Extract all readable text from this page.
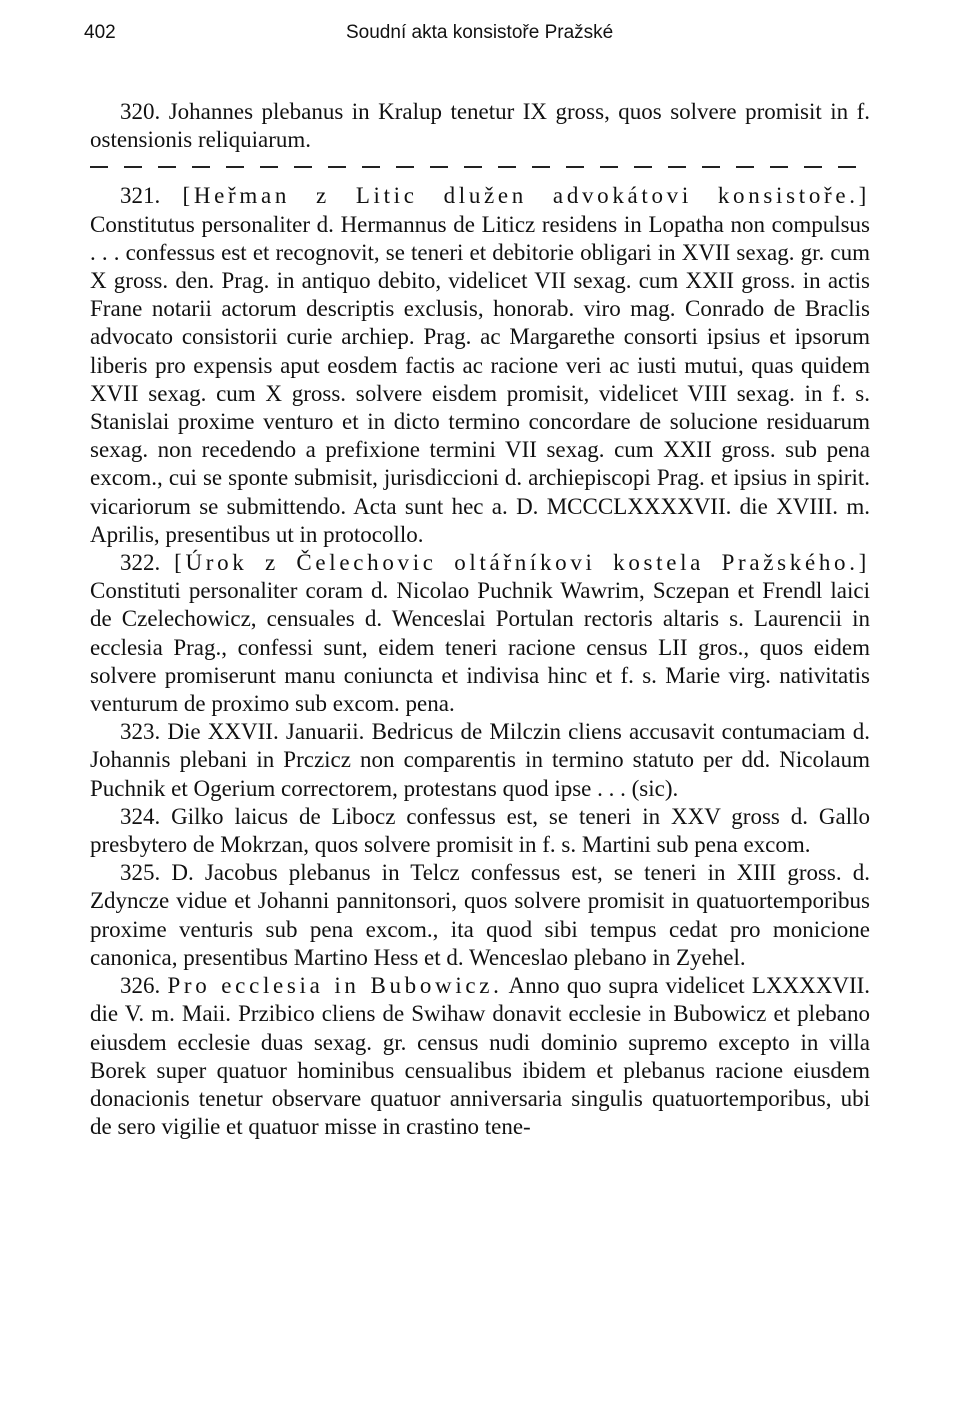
402	Soudní akta konsistoře Pražské

320. Johannes plebanus in Kralup tenetur IX gross, quos solvere promisit in f. ostensionis reliquiarum.

321. [Heřman z Litic dlužen advokátovi konsistoře.] Constitutus personaliter d. Hermannus de Liticz residens in Lopatha non compulsus . . . confessus est et recognovit, se teneri et debitorie obligari in XVII sexag. gr. cum X gross. den. Prag. in antiquo debito, videlicet VII sexag. cum XXII gross. in actis Frane notarii actorum descriptis exclusis, honorab. viro mag. Conrado de Braclis advocato consistorii curie archiep. Prag. ac Margarethe consorti ipsius et ipsorum liberis pro expensis aput eosdem factis ac racione veri ac iusti mutui, quas quidem XVII sexag. cum X gross. solvere eisdem promisit, videlicet VIII sexag. in f. s. Stanislai proxime venturo et in dicto termino concordare de solucione residuarum sexag. non recedendo a prefixione termini VII sexag. cum XXII gross. sub pena excom., cui se sponte submisit, jurisdiccioni d. archiepiscopi Prag. et ipsius in spirit. vicariorum se submittendo. Acta sunt hec a. D. MCCCLXXXXVII. die XVIII. m. Aprilis, presentibus ut in protocollo.

322. [Úrok z Čelechovic oltářníkovi kostela Pražského.] Constituti personaliter coram d. Nicolao Puchnik Wawrim, Sczepan et Frendl laici de Czelechowicz, censuales d. Wenceslai Portulan rectoris altaris s. Laurencii in ecclesia Prag., confessi sunt, eidem teneri racione census LII gros., quos eidem solvere promiserunt manu coniuncta et indivisa hinc et f. s. Marie virg. nativitatis venturum de proximo sub excom. pena.

323. Die XXVII. Januarii. Bedricus de Milczin cliens accusavit contumaciam d. Johannis plebani in Prczicz non comparentis in termino statuto per dd. Nicolaum Puchnik et Ogerium correctorem, protestans quod ipse . . . (sic).

324. Gilko laicus de Libocz confessus est, se teneri in XXV gross d. Gallo presbytero de Mokrzan, quos solvere promisit in f. s. Martini sub pena excom.

325. D. Jacobus plebanus in Telcz confessus est, se teneri in XIII gross. d. Zdyncze vidue et Johanni pannitonsori, quos solvere promisit in quatuortemporibus proxime venturis sub pena excom., ita quod sibi tempus cedat pro monicione canonica, presentibus Martino Hess et d. Wenceslao plebano in Zyehel.

326. Pro ecclesia in Bubowicz. Anno quo supra videlicet LXXXXVII. die V. m. Maii. Przibico cliens de Swihaw donavit ecclesie in Bubowicz et plebano eiusdem ecclesie duas sexag. gr. census nudi dominio supremo excepto in villa Borek super quatuor hominibus censualibus ibidem et plebanus racione eiusdem donacionis tenetur observare quatuor anniversaria singulis quatuortemporibus, ubi de sero vigilie et quatuor misse in crastino tene-
